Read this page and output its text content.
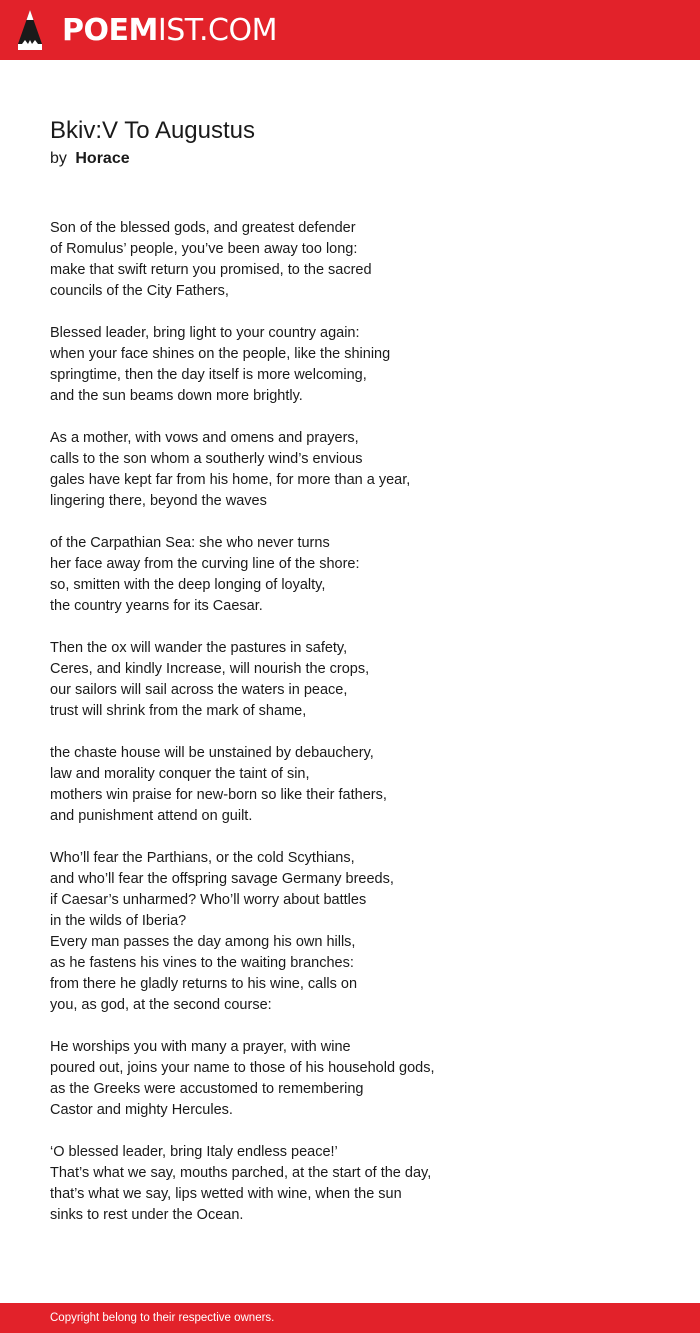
POEMIST.COM
Bkiv:V To Augustus
by Horace
Son of the blessed gods, and greatest defender
of Romulus’ people, you’ve been away too long:
make that swift return you promised, to the sacred
councils of the City Fathers,
Blessed leader, bring light to your country again:
when your face shines on the people, like the shining
springtime, then the day itself is more welcoming,
and the sun beams down more brightly.
As a mother, with vows and omens and prayers,
calls to the son whom a southerly wind’s envious
gales have kept far from his home, for more than a year,
lingering there, beyond the waves
of the Carpathian Sea: she who never turns
her face away from the curving line of the shore:
so, smitten with the deep longing of loyalty,
the country yearns for its Caesar.
Then the ox will wander the pastures in safety,
Ceres, and kindly Increase, will nourish the crops,
our sailors will sail across the waters in peace,
trust will shrink from the mark of shame,
the chaste house will be unstained by debauchery,
law and morality conquer the taint of sin,
mothers win praise for new-born so like their fathers,
and punishment attend on guilt.
Who’ll fear the Parthians, or the cold Scythians,
and who’ll fear the offspring savage Germany breeds,
if Caesar’s unharmed? Who’ll worry about battles
in the wilds of Iberia?
Every man passes the day among his own hills,
as he fastens his vines to the waiting branches:
from there he gladly returns to his wine, calls on
you, as god, at the second course:
He worships you with many a prayer, with wine
poured out, joins your name to those of his household gods,
as the Greeks were accustomed to remembering
Castor and mighty Hercules.
‘O blessed leader, bring Italy endless peace!’
That’s what we say, mouths parched, at the start of the day,
that’s what we say, lips wetted with wine, when the sun
sinks to rest under the Ocean.
Copyright belong to their respective owners.
